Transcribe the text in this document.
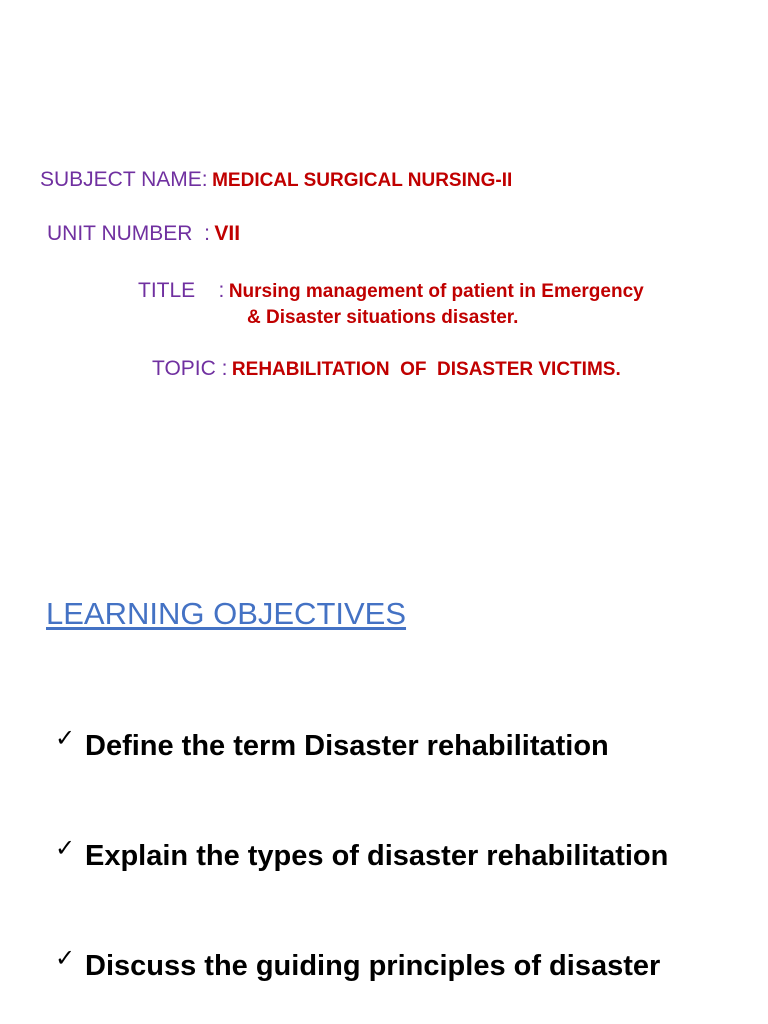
SUBJECT NAME: MEDICAL SURGICAL NURSING-II
UNIT NUMBER  : VII
TITLE    : Nursing management of patient in Emergency
& Disaster situations disaster.
TOPIC : REHABILITATION  OF  DISASTER VICTIMS.
LEARNING OBJECTIVES
✓ Define the term Disaster rehabilitation
✓ Explain the types of disaster rehabilitation
✓ Discuss the guiding principles of disaster
